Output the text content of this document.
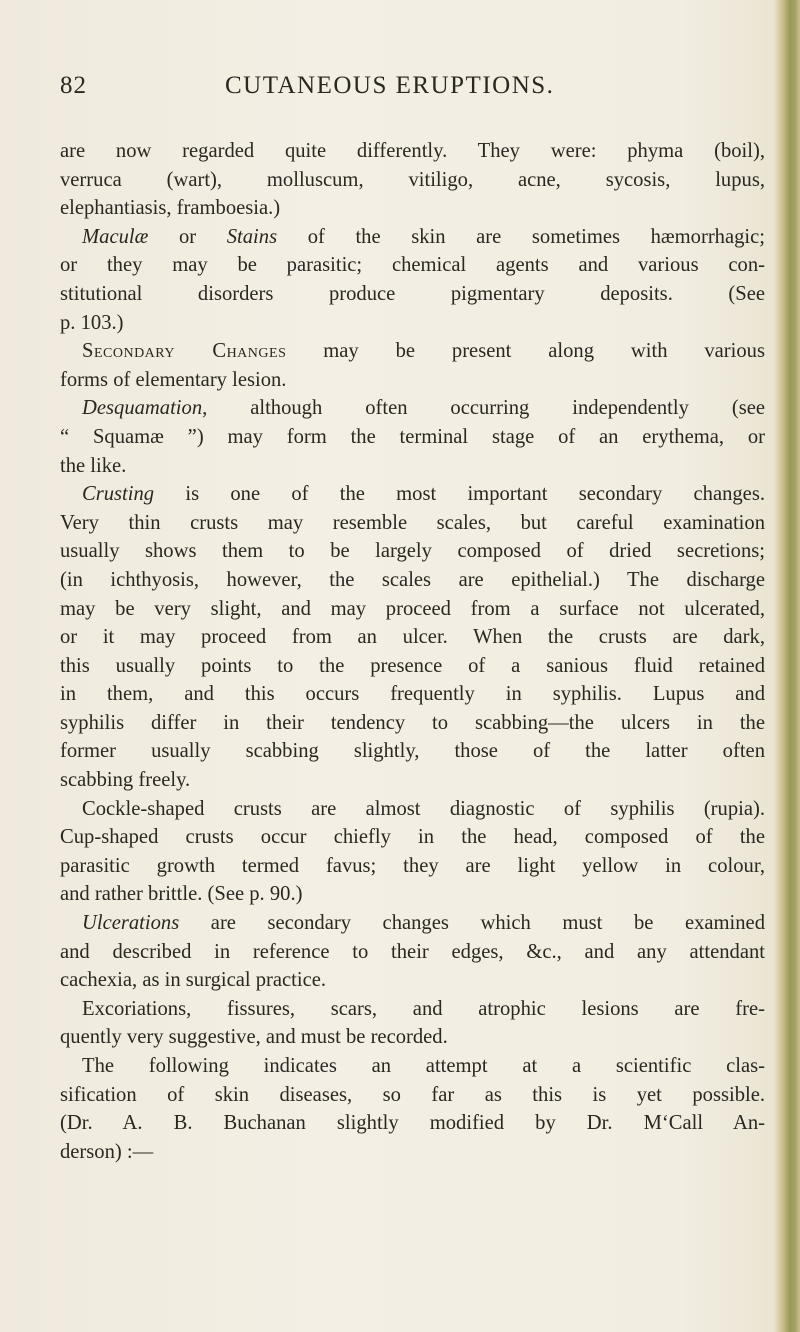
82	CUTANEOUS ERUPTIONS.
are now regarded quite differently. They were: phyma (boil),
verruca (wart), molluscum, vitiligo, acne, sycosis, lupus,
elephantiasis, framboesia.)
Maculæ or Stains of the skin are sometimes hæmorrhagic;
or they may be parasitic; chemical agents and various con-
stitutional disorders produce pigmentary deposits. (See
p. 103.)
Secondary Changes may be present along with various
forms of elementary lesion.
Desquamation, although often occurring independently (see
“ Squamæ ”) may form the terminal stage of an erythema, or
the like.
Crusting is one of the most important secondary changes.
Very thin crusts may resemble scales, but careful examination
usually shows them to be largely composed of dried secretions;
(in ichthyosis, however, the scales are epithelial.) The discharge
may be very slight, and may proceed from a surface not ulcerated,
or it may proceed from an ulcer. When the crusts are dark,
this usually points to the presence of a sanious fluid retained
in them, and this occurs frequently in syphilis. Lupus and
syphilis differ in their tendency to scabbing—the ulcers in the
former usually scabbing slightly, those of the latter often
scabbing freely.
Cockle-shaped crusts are almost diagnostic of syphilis (rupia).
Cup-shaped crusts occur chiefly in the head, composed of the
parasitic growth termed favus; they are light yellow in colour,
and rather brittle. (See p. 90.)
Ulcerations are secondary changes which must be examined
and described in reference to their edges, &c., and any attendant
cachexia, as in surgical practice.
Excoriations, fissures, scars, and atrophic lesions are fre-
quently very suggestive, and must be recorded.
The following indicates an attempt at a scientific clas-
sification of skin diseases, so far as this is yet possible.
(Dr. A. B. Buchanan slightly modified by Dr. M‘Call An-
derson) :—
